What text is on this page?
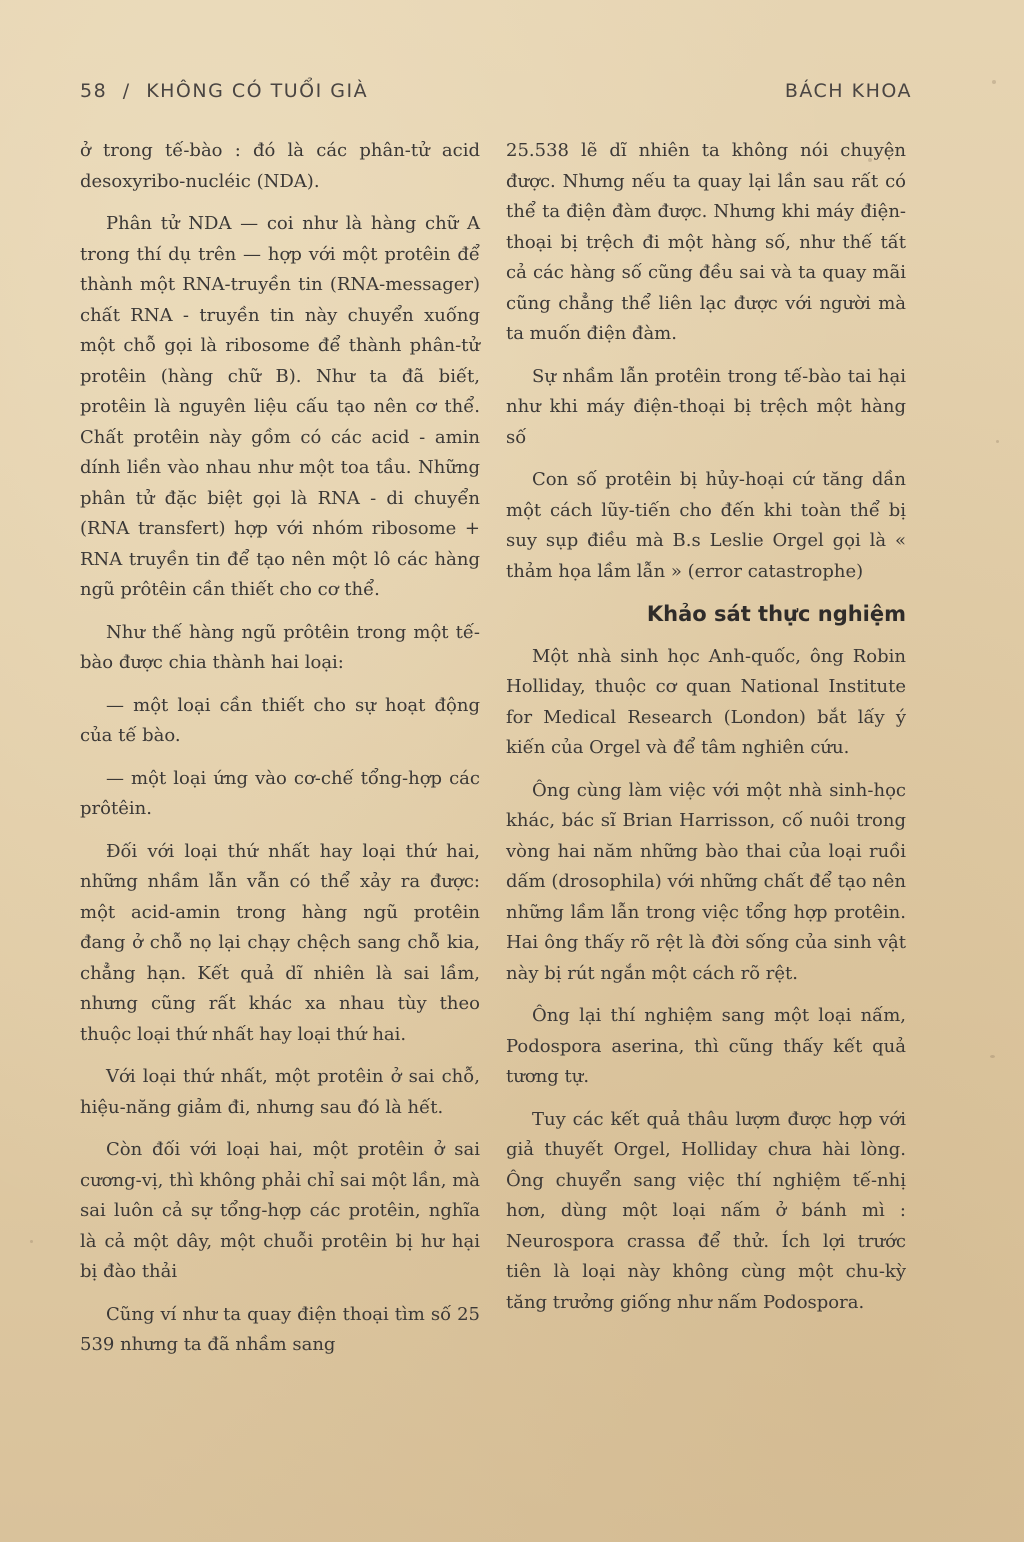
58 / KHÔNG CÓ TUỔI GIÀ	BÁCH KHOA

ở trong tế-bào : đó là các phân-tử acid desoxyribo-nucléic (NDA).

Phân tử NDA — coi như là hàng chữ A trong thí dụ trên — hợp với một protêin để thành một RNA-truyền tin (RNA-messager) chất RNA - truyền tin này chuyển xuống một chỗ gọi là ribosome để thành phân-tử protêin (hàng chữ B). Như ta đã biết, protêin là nguyên liệu cấu tạo nên cơ thể. Chất protêin này gồm có các acid - amin dính liền vào nhau như một toa tầu. Những phân tử đặc biệt gọi là RNA - di chuyển (RNA transfert) hợp với nhóm ribosome + RNA truyền tin để tạo nên một lô các hàng ngũ prôtêin cần thiết cho cơ thể.

Như thế hàng ngũ prôtêin trong một tế-bào được chia thành hai loại:

— một loại cần thiết cho sự hoạt động của tế bào.

— một loại ứng vào cơ-chế tổng-hợp các prôtêin.

Đối với loại thứ nhất hay loại thứ hai, những nhầm lẫn vẫn có thể xảy ra được: một acid-amin trong hàng ngũ protêin đang ở chỗ nọ lại chạy chệch sang chỗ kia, chẳng hạn. Kết quả dĩ nhiên là sai lầm, nhưng cũng rất khác xa nhau tùy theo thuộc loại thứ nhất hay loại thứ hai.

Với loại thứ nhất, một protêin ở sai chỗ, hiệu-năng giảm đi, nhưng sau đó là hết.

Còn đối với loại hai, một protêin ở sai cương-vị, thì không phải chỉ sai một lần, mà sai luôn cả sự tổng-hợp các protêin, nghĩa là cả một dây, một chuỗi protêin bị hư hại bị đào thải

Cũng ví như ta quay điện thoại tìm số 25 539 nhưng ta đã nhầm sang

25.538 lẽ dĩ nhiên ta không nói chuyện được. Nhưng nếu ta quay lại lần sau rất có thể ta điện đàm được. Nhưng khi máy điện-thoại bị trệch đi một hàng số, như thế tất cả các hàng số cũng đều sai và ta quay mãi cũng chẳng thể liên lạc được với người mà ta muốn điện đàm.

Sự nhầm lẫn protêin trong tế-bào tai hại như khi máy điện-thoại bị trệch một hàng số

Con số protêin bị hủy-hoại cứ tăng dần một cách lũy-tiến cho đến khi toàn thể bị suy sụp điều mà B.s Leslie Orgel gọi là « thảm họa lầm lẫn » (error catastrophe)

Khảo sát thực nghiệm

Một nhà sinh học Anh-quốc, ông Robin Holliday, thuộc cơ quan National Institute for Medical Research (London) bắt lấy ý kiến của Orgel và để tâm nghiên cứu.

Ông cùng làm việc với một nhà sinh-học khác, bác sĩ Brian Harrisson, cố nuôi trong vòng hai năm những bào thai của loại ruồi dấm (drosophila) với những chất để tạo nên những lầm lẫn trong việc tổng hợp protêin. Hai ông thấy rõ rệt là đời sống của sinh vật này bị rút ngắn một cách rõ rệt.

Ông lại thí nghiệm sang một loại nấm, Podospora aserina, thì cũng thấy kết quả tương tự.

Tuy các kết quả thâu lượm được hợp với giả thuyết Orgel, Holliday chưa hài lòng. Ông chuyển sang việc thí nghiệm tế-nhị hơn, dùng một loại nấm ở bánh mì : Neurospora crassa để thử. Ích lợi trước tiên là loại này không cùng một chu-kỳ tăng trưởng giống như nấm Podospora.
